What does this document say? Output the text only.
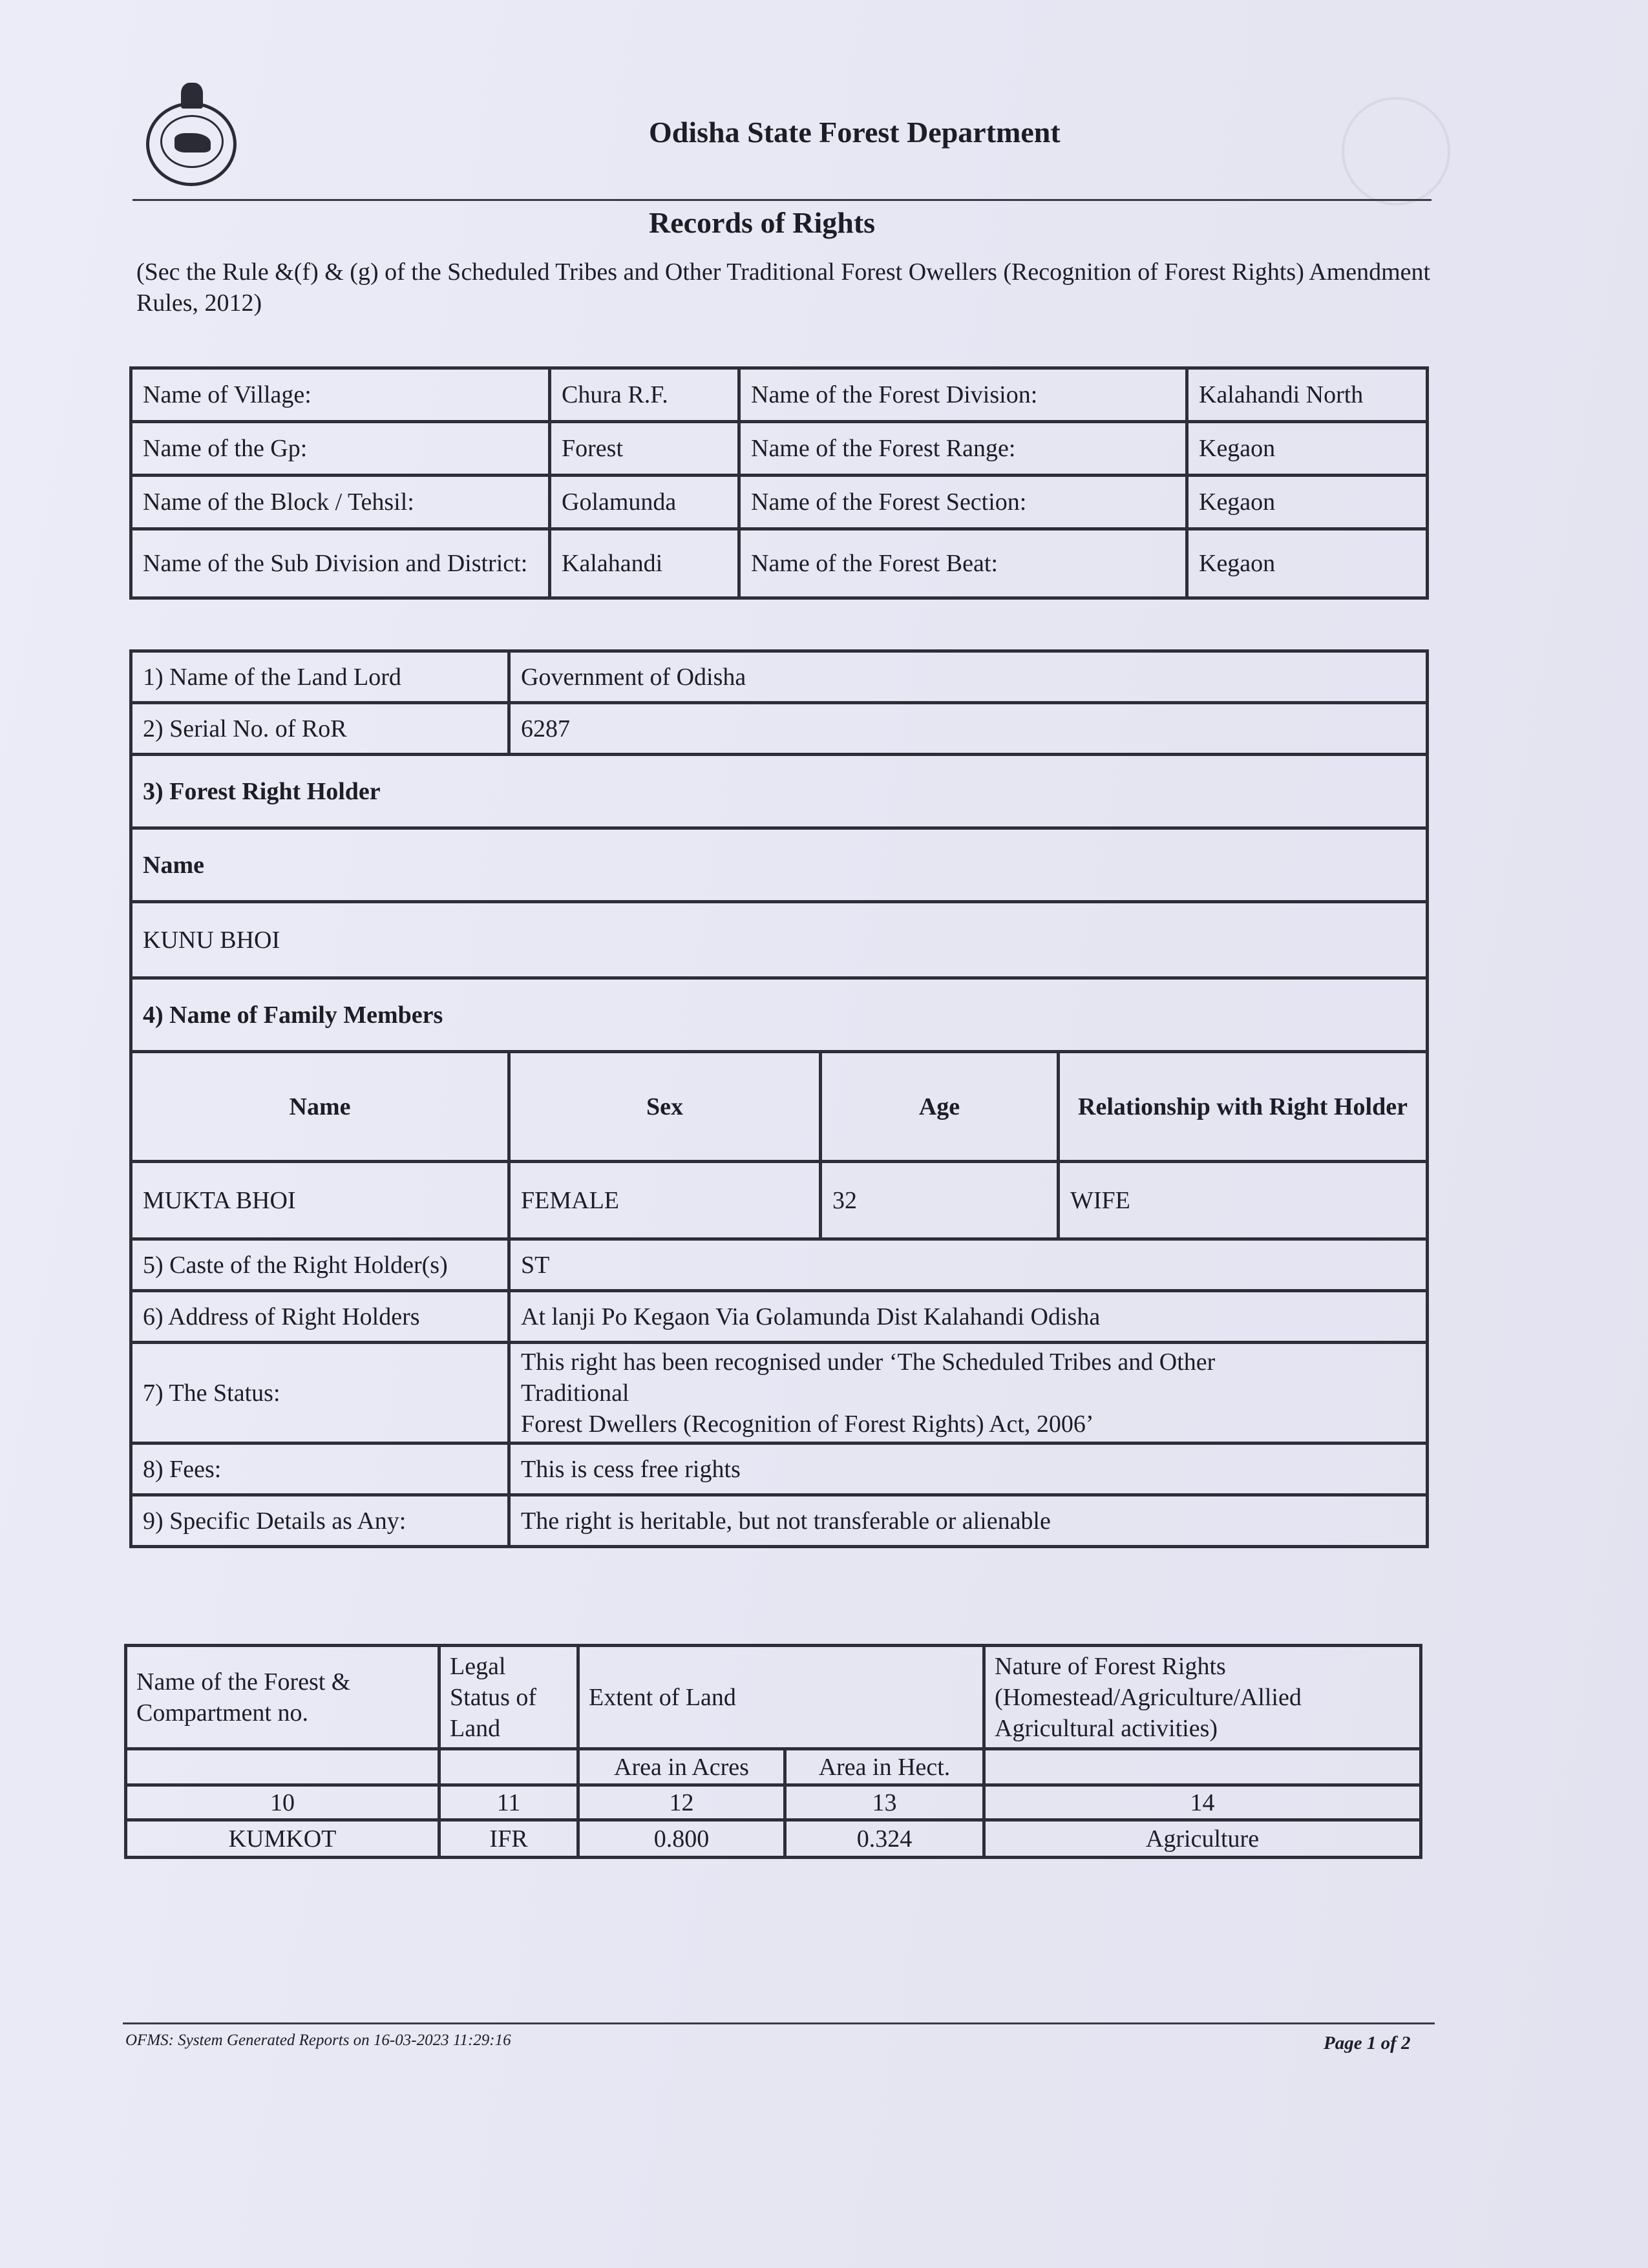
Odisha State Forest Department
Records of Rights
(Sec the Rule &(f) & (g) of the Scheduled Tribes and Other Traditional Forest Owellers (Recognition of Forest Rights) Amendment Rules, 2012)
Name of Village:	Chura R.F.	Name of the Forest Division:	Kalahandi North
Name of the Gp:	Forest	Name of the Forest Range:	Kegaon
Name of the Block / Tehsil:	Golamunda	Name of the Forest Section:	Kegaon
Name of the Sub Division and District:	Kalahandi	Name of the Forest Beat:	Kegaon
1) Name of the Land Lord	Government of Odisha		
2) Serial No. of RoR	6287		
3) Forest Right Holder			
Name			
KUNU BHOI			
4) Name of Family Members			
Name	Sex	Age	Relationship with Right Holder
MUKTA BHOI	FEMALE	32	WIFE
5) Caste of the Right Holder(s)	ST		
6) Address of Right Holders	At lanji Po Kegaon Via Golamunda Dist Kalahandi Odisha		
7) The Status:	This right has been recognised under ‘The Scheduled Tribes and Other
Traditional
Forest Dwellers (Recognition of Forest Rights) Act, 2006’		

8) Fees:	This is cess free rights		
9) Specific Details as Any:	The right is heritable, but not transferable or alienable		
Name of the Forest & Compartment no.	Legal Status of Land	Extent of Land		Nature of Forest Rights (Homestead/Agriculture/Allied Agricultural activities)
		Area in Acres	Area in Hect.	
10	11	12	13	14
KUMKOT	IFR	0.800	0.324	Agriculture
OFMS: System Generated Reports on 16-03-2023 11:29:16	Page 1 of 2
